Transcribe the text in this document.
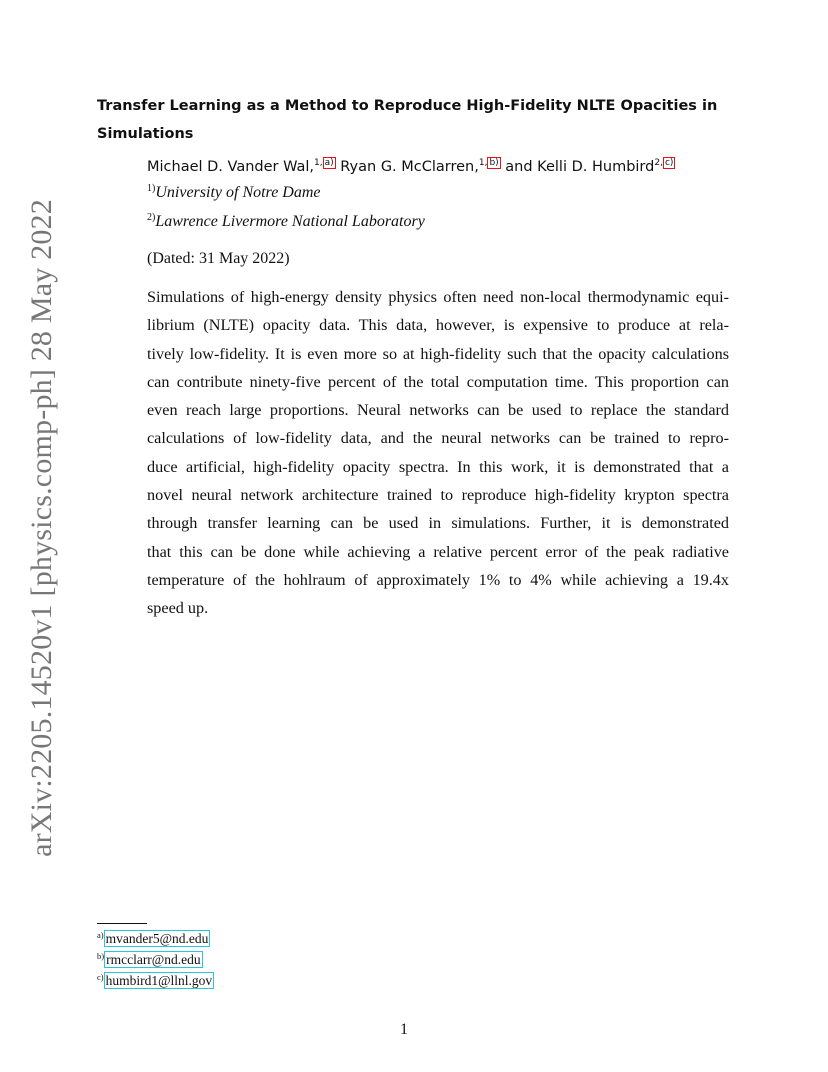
arXiv:2205.14520v1 [physics.comp-ph] 28 May 2022
Transfer Learning as a Method to Reproduce High-Fidelity NLTE Opacities in Simulations
Michael D. Vander Wal,$^{1,}$ $^{a)}$ Ryan G. McClarren,$^{1,}$ $^{b)}$ and Kelli D. Humbird$^{2,}$ $^{c)}$
$^{1)}$University of Notre Dame
$^{2)}$Lawrence Livermore National Laboratory
(Dated: 31 May 2022)
Simulations of high-energy density physics often need non-local thermodynamic equi-
librium (NLTE) opacity data. This data, however, is expensive to produce at rela-
tively low-fidelity. It is even more so at high-fidelity such that the opacity calculations
can contribute ninety-five percent of the total computation time. This proportion can
even reach large proportions. Neural networks can be used to replace the standard
calculations of low-fidelity data, and the neural networks can be trained to repro-
duce artificial, high-fidelity opacity spectra. In this work, it is demonstrated that a
novel neural network architecture trained to reproduce high-fidelity krypton spectra
through transfer learning can be used in simulations. Further, it is demonstrated
that this can be done while achieving a relative percent error of the peak radiative
temperature of the hohlraum of approximately 1% to 4% while achieving a 19.4x
speed up.
$^{a)}$ mvander5@nd.edu
$^{b)}$ rmcclarr@nd.edu
$^{c)}$ humbird1@llnl.gov
1
